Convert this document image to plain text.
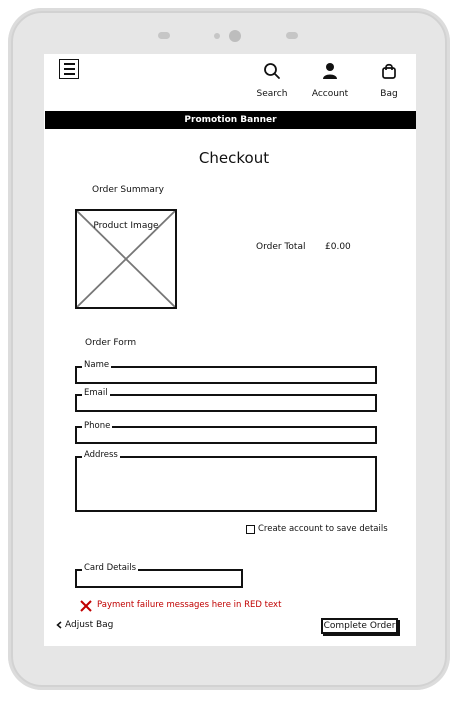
Search	Account	Bag
Promotion Banner
Checkout
Order Summary
Product Image
Order Total £0.00
Order Form
Name
Email
Phone
Address
Create account to save details
Card Details
Payment failure messages here in RED text
Adjust Bag	Complete Order
